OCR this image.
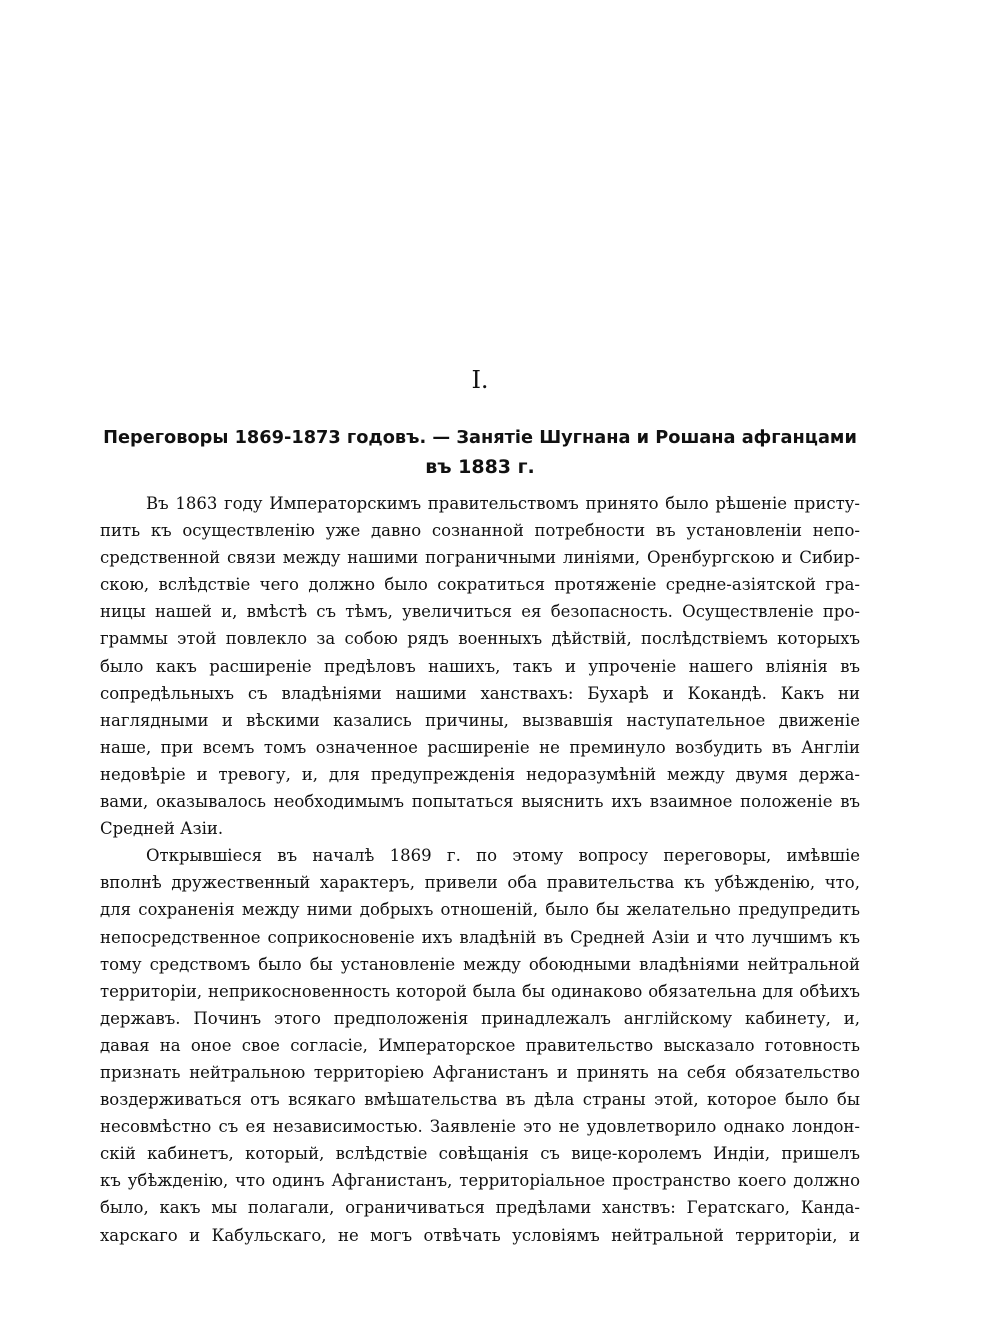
I.
Переговоры 1869-1873 годовъ. — Занятіе Шугнана и Рошана афганцами
въ 1883 г.
Въ 1863 году Императорскимъ правительствомъ принято было рѣшеніе присту-
пить къ осуществленію уже давно сознанной потребности въ установленіи непо-
средственной связи между нашими пограничными линіями, Оренбургскою и Сибир-
скою, вслѣдствіе чего должно было сократиться протяженіе средне-азіятской гра-
ницы нашей и, вмѣстѣ съ тѣмъ, увеличиться ея безопасность. Осуществленіе про-
граммы этой повлекло за собою рядъ военныхъ дѣйствій, послѣдствіемъ которыхъ
было какъ расширеніе предѣловъ нашихъ, такъ и упроченіе нашего вліянія въ
сопредѣльныхъ съ владѣніями нашими ханствахъ: Бухарѣ и Кокандѣ. Какъ ни
наглядными и вѣскими казались причины, вызвавшія наступательное движеніе
наше, при всемъ томъ означенное расширеніе не преминуло возбудить въ Англіи
недовѣріе и тревогу, и, для предупрежденія недоразумѣній между двумя держа-
вами, оказывалось необходимымъ попытаться выяснить ихъ взаимное положеніе въ
Средней Азіи.
Открывшіеся въ началѣ 1869 г. по этому вопросу переговоры, имѣвшіе
вполнѣ дружественный характеръ, привели оба правительства къ убѣжденію, что,
для сохраненія между ними добрыхъ отношеній, было бы желательно предупредить
непосредственное соприкосновеніе ихъ владѣній въ Средней Азіи и что лучшимъ къ
тому средствомъ было бы установленіе между обоюдными владѣніями нейтральной
территоріи, неприкосновенность которой была бы одинаково обязательна для обѣихъ
державъ. Починъ этого предположенія принадлежалъ англійскому кабинету, и,
давая на оное свое согласіе, Императорское правительство высказало готовность
признать нейтральною территоріею Афганистанъ и принять на себя обязательство
воздерживаться отъ всякаго вмѣшательства въ дѣла страны этой, которое было бы
несовмѣстно съ ея независимостью. Заявленіе это не удовлетворило однако лондон-
скій кабинетъ, который, вслѣдствіе совѣщанія съ вице-королемъ Индіи, пришелъ
къ убѣжденію, что одинъ Афганистанъ, территоріальное пространство коего должно
было, какъ мы полагали, ограничиваться предѣлами ханствъ: Гератскаго, Канда-
харскаго и Кабульскаго, не могъ отвѣчать условіямъ нейтральной территоріи, и
